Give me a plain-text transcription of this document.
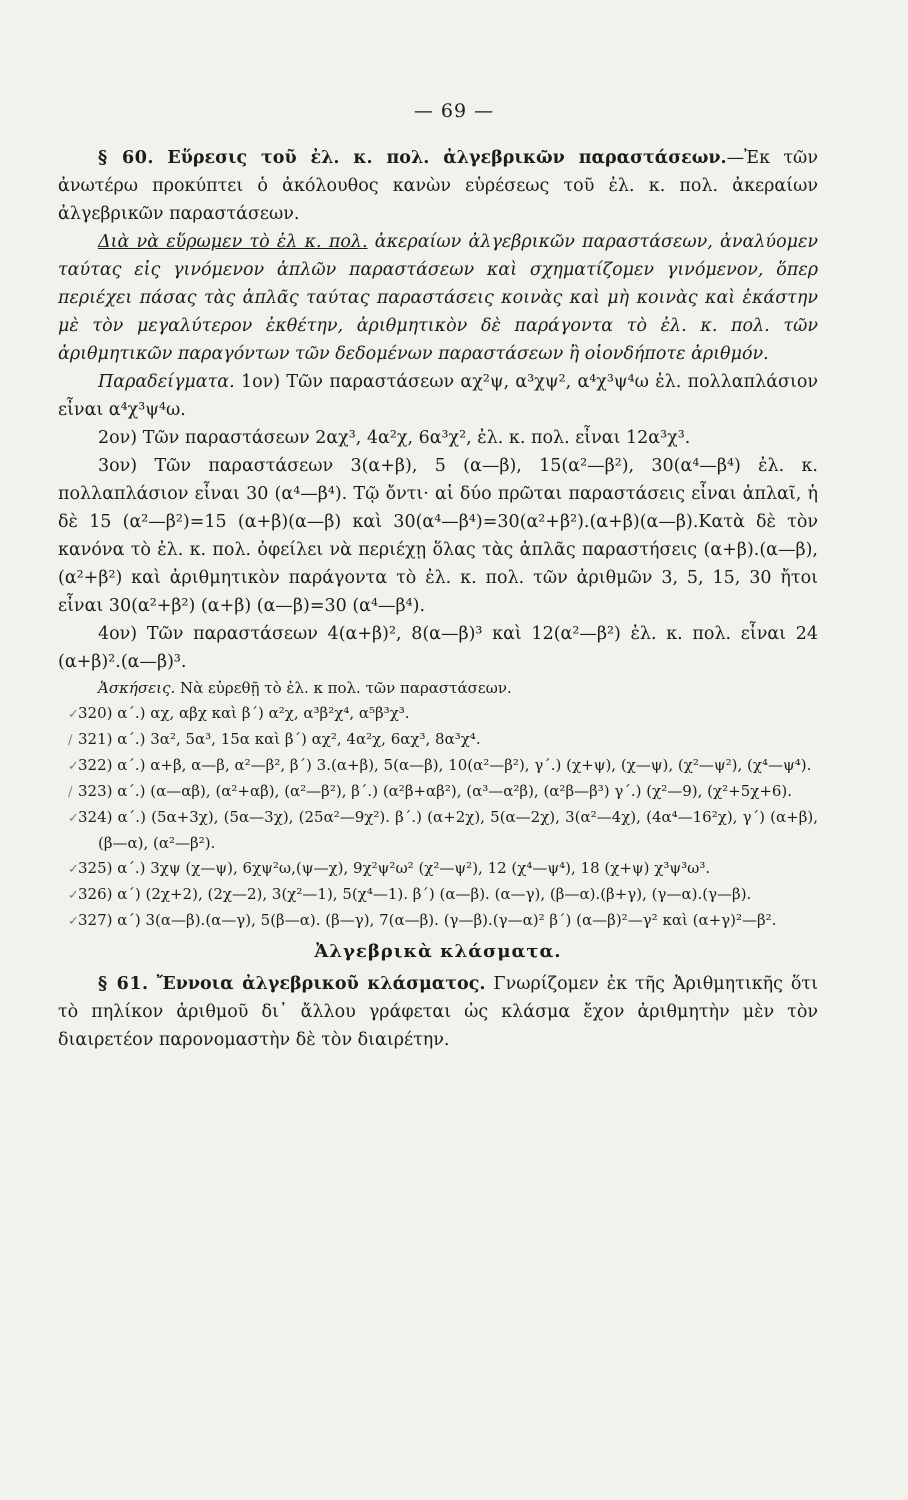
— 69 —

§ 60. Εὕρεσις τοῦ ἐλ. κ. πολ. ἀλγεβρικῶν παραστάσεων.—Ἐκ τῶν ἀνωτέρω προκύπτει ὁ ἀκόλουθος κανὼν εὑρέσεως τοῦ ἐλ. κ. πολ. ἀκεραίων ἀλγεβρικῶν παραστάσεων.

Διὰ νὰ εὕρωμεν τὸ ἐλ κ. πολ. ἀκεραίων ἀλγεβρικῶν παραστάσεων, ἀναλύομεν ταύτας εἰς γινόμενον ἁπλῶν παραστάσεων καὶ σχηματίζομεν γινόμενον, ὅπερ περιέχει πάσας τὰς ἁπλᾶς ταύτας παραστάσεις κοινὰς καὶ μὴ κοινὰς καὶ ἑκάστην μὲ τὸν μεγαλύτερον ἐκθέτην, ἀριθμητικὸν δὲ παράγοντα τὸ ἐλ. κ. πολ. τῶν ἀριθμητικῶν παραγόντων τῶν δεδομένων παραστάσεων ἢ οἱονδήποτε ἀριθμόν.

Παραδείγματα. 1ον) Τῶν παραστάσεων αχ²ψ, α³χψ², α⁴χ³ψ⁴ω ἐλ. πολλαπλάσιον εἶναι α⁴χ³ψ⁴ω.

2ον) Τῶν παραστάσεων 2αχ³, 4α²χ, 6α³χ², ἐλ. κ. πολ. εἶναι 12α³χ³.

3ον) Τῶν παραστάσεων 3(α+β), 5 (α—β), 15(α²—β²), 30(α⁴—β⁴) ἐλ. κ. πολλαπλάσιον εἶναι 30 (α⁴—β⁴). Τῷ ὄντι· αἱ δύο πρῶται παραστάσεις εἶναι ἁπλαῖ, ἡ δὲ 15 (α²—β²)=15 (α+β)(α—β) καὶ 30(α⁴—β⁴)=30(α²+β²).(α+β)(α—β).Κατὰ δὲ τὸν κανόνα τὸ ἐλ. κ. πολ. ὀφείλει νὰ περιέχῃ ὅλας τὰς ἁπλᾶς παραστήσεις (α+β).(α—β),(α²+β²) καὶ ἀριθμητικὸν παράγοντα τὸ ἐλ. κ. πολ. τῶν ἀριθμῶν 3, 5, 15, 30 ἤτοι εἶναι 30(α²+β²) (α+β) (α—β)=30 (α⁴—β⁴).

4ον) Τῶν παραστάσεων 4(α+β)², 8(α—β)³ καὶ 12(α²—β²) ἐλ. κ. πολ. εἶναι 24 (α+β)².(α—β)³.

Ἀσκήσεις. Νὰ εὑρεθῇ τὸ ἐλ. κ πολ. τῶν παραστάσεων.

✓320) α΄.) αχ, αβχ καὶ β΄) α²χ, α³β²χ⁴, α⁵β³χ³.

/ 321) α΄.) 3α², 5α³, 15α καὶ β΄) αχ², 4α²χ, 6αχ³, 8α³χ⁴.

✓322) α΄.) α+β, α—β, α²—β², β΄) 3.(α+β), 5(α—β), 10(α²—β²), γ΄.) (χ+ψ), (χ—ψ), (χ²—ψ²), (χ⁴—ψ⁴).

/ 323) α΄.) (α—αβ), (α²+αβ), (α²—β²), β΄.) (α²β+αβ²), (α³—α²β), (α²β—β³) γ΄.) (χ²—9), (χ²+5χ+6).

✓324) α΄.) (5α+3χ), (5α—3χ), (25α²—9χ²). β΄.) (α+2χ), 5(α—2χ), 3(α²—4χ), (4α⁴—16²χ), γ΄) (α+β), (β—α), (α²—β²).

✓325) α΄.) 3χψ (χ—ψ), 6χψ²ω,(ψ—χ), 9χ²ψ²ω² (χ²—ψ²), 12 (χ⁴—ψ⁴), 18 (χ+ψ) χ³ψ³ω³.

✓326) α΄) (2χ+2), (2χ—2), 3(χ²—1), 5(χ⁴—1). β΄) (α—β). (α—γ), (β—α).(β+γ), (γ—α).(γ—β).

✓327) α΄) 3(α—β).(α—γ), 5(β—α). (β—γ), 7(α—β). (γ—β).(γ—α)² β΄) (α—β)²—γ² καὶ (α+γ)²—β².

Ἀλγεβρικὰ κλάσματα.

§ 61. Ἔννοια ἀλγεβρικοῦ κλάσματος. Γνωρίζομεν ἐκ τῆς Ἀριθμητικῆς ὅτι τὸ πηλίκον ἀριθμοῦ δι᾽ ἄλλου γράφεται ὡς κλάσμα ἔχον ἀριθμητὴν μὲν τὸν διαιρετέον παρονομαστὴν δὲ τὸν διαιρέτην.
